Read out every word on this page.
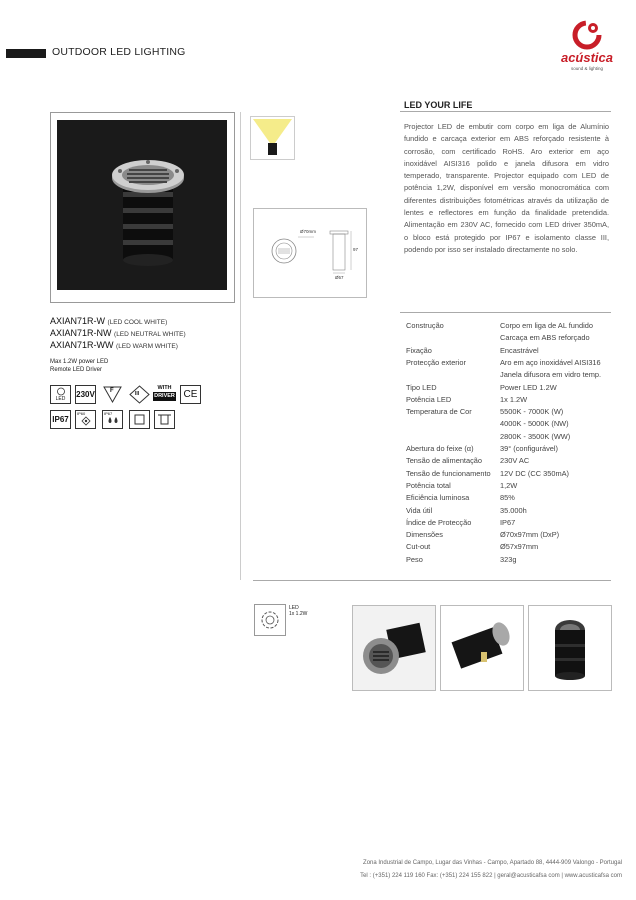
OUTDOOR LED LIGHTING	acústica
sound & lighting
Ø70mm
97
Ø57
LED YOUR LIFE
Projector LED de embutir com corpo em liga de Alumínio fundido e carcaça exterior em ABS reforçado resistente à corrosão, com certificado RoHS. Aro exterior em aço inoxidável AISI316 polido e janela difusora em vidro temperado, transparente. Projector equipado com LED de potência 1,2W, disponível em versão monocromática com diferentes distribuições fotométricas através da utilização de lentes e reflectores em função da finalidade pretendida. Alimentação em 230V AC, fornecido com LED driver 350mA, o bloco está protegido por IP67 e isolamento classe III, podendo por isso ser instalado directamente no solo.
AXIAN71R-W (LED COOL WHITE)
AXIAN71R-NW (LED NEUTRAL WHITE)
AXIAN71R-WW (LED WARM WHITE)
Max 1.2W power LED
Remote LED Driver
LED	230V	F	III
WITH
DRIVER CE
IP67
IP60	IP67
Construção	Corpo em liga de AL fundido
Carcaça em ABS reforçado
Fixação	Encastrável
Protecção exterior	Aro em aço inoxidável AISI316
Janela difusora em vidro temp.
Tipo LED	Power LED 1.2W
Potência LED	1x 1.2W
Temperatura de Cor	5500K - 7000K (W)
4000K - 5000K (NW)
2800K - 3500K (WW)
Abertura do feixe (α)	39° (configurável)
Tensão de alimentação	230V AC
Tensão de funcionamento	12V DC (CC 350mA)
Potência total	1,2W
Eficiência luminosa	85%
Vida útil	35.000h
Índice de Protecção	IP67
Dimensões	Ø70x97mm (DxP)
Cut-out	Ø57x97mm
Peso	323g
LED
1x 1.2W
Zona Industrial de Campo, Lugar das Vinhas - Campo, Apartado 88, 4444-909 Valongo - Portugal
Tel : (+351) 224 119 160 Fax: (+351) 224 155 822 | geral@acusticafsa com | www.acusticafsa com
